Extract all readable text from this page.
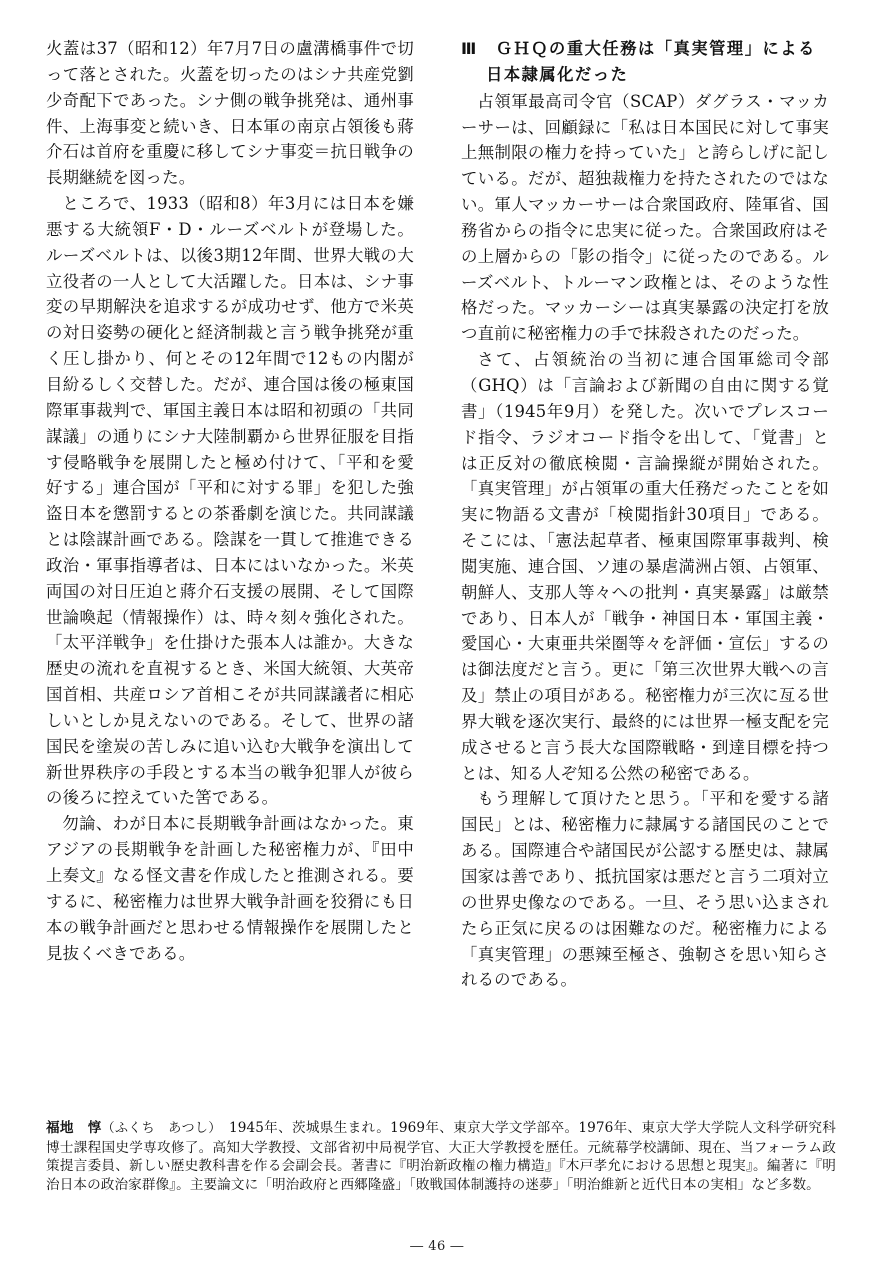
火蓋は37（昭和12）年7月7日の盧溝橋事件で切って落とされた。火蓋を切ったのはシナ共産党劉少奇配下であった。シナ側の戦争挑発は、通州事件、上海事変と続いき、日本軍の南京占領後も蔣介石は首府を重慶に移してシナ事変＝抗日戦争の長期継続を図った。

ところで、1933（昭和8）年3月には日本を嫌悪する大統領F・D・ルーズベルトが登場した。ルーズベルトは、以後3期12年間、世界大戦の大立役者の一人として大活躍した。日本は、シナ事変の早期解決を追求するが成功せず、他方で米英の対日姿勢の硬化と経済制裁と言う戦争挑発が重く圧し掛かり、何とその12年間で12もの内閣が目紛るしく交替した。だが、連合国は後の極東国際軍事裁判で、軍国主義日本は昭和初頭の「共同謀議」の通りにシナ大陸制覇から世界征服を目指す侵略戦争を展開したと極め付けて、「平和を愛好する」連合国が「平和に対する罪」を犯した強盗日本を懲罰するとの茶番劇を演じた。共同謀議とは陰謀計画である。陰謀を一貫して推進できる政治・軍事指導者は、日本にはいなかった。米英両国の対日圧迫と蔣介石支援の展開、そして国際世論喚起（情報操作）は、時々刻々強化された。「太平洋戦争」を仕掛けた張本人は誰か。大きな歴史の流れを直視するとき、米国大統領、大英帝国首相、共産ロシア首相こそが共同謀議者に相応しいとしか見えないのである。そして、世界の諸国民を塗炭の苦しみに追い込む大戦争を演出して新世界秩序の手段とする本当の戦争犯罪人が彼らの後ろに控えていた筈である。

勿論、わが日本に長期戦争計画はなかった。東アジアの長期戦争を計画した秘密権力が、『田中上奏文』なる怪文書を作成したと推測される。要するに、秘密権力は世界大戦争計画を狡猾にも日本の戦争計画だと思わせる情報操作を展開したと見抜くべきである。

Ⅲ　ＧＨＱの重大任務は「真実管理」による日本隷属化だった

占領軍最高司令官（SCAP）ダグラス・マッカーサーは、回顧録に「私は日本国民に対して事実上無制限の権力を持っていた」と誇らしげに記している。だが、超独裁権力を持たされたのではない。軍人マッカーサーは合衆国政府、陸軍省、国務省からの指令に忠実に従った。合衆国政府はその上層からの「影の指令」に従ったのである。ルーズベルト、トルーマン政権とは、そのような性格だった。マッカーシーは真実暴露の決定打を放つ直前に秘密権力の手で抹殺されたのだった。

さて、占領統治の当初に連合国軍総司令部（GHQ）は「言論および新聞の自由に関する覚書」（1945年9月）を発した。次いでプレスコード指令、ラジオコード指令を出して、「覚書」とは正反対の徹底検閲・言論操縦が開始された。「真実管理」が占領軍の重大任務だったことを如実に物語る文書が「検閲指針30項目」である。そこには、「憲法起草者、極東国際軍事裁判、検閲実施、連合国、ソ連の暴虐満洲占領、占領軍、朝鮮人、支那人等々への批判・真実暴露」は厳禁であり、日本人が「戦争・神国日本・軍国主義・愛国心・大東亜共栄圏等々を評価・宣伝」するのは御法度だと言う。更に「第三次世界大戦への言及」禁止の項目がある。秘密権力が三次に亙る世界大戦を逐次実行、最終的には世界一極支配を完成させると言う長大な国際戦略・到達目標を持つとは、知る人ぞ知る公然の秘密である。

もう理解して頂けたと思う。「平和を愛する諸国民」とは、秘密権力に隷属する諸国民のことである。国際連合や諸国民が公認する歴史は、隷属国家は善であり、抵抗国家は悪だと言う二項対立の世界史像なのである。一旦、そう思い込まされたら正気に戻るのは困難なのだ。秘密権力による「真実管理」の悪辣至極さ、強靭さを思い知らされるのである。

福地　惇（ふくち　あつし）　1945年、茨城県生まれ。1969年、東京大学文学部卒。1976年、東京大学大学院人文科学研究科博士課程国史学専攻修了。高知大学教授、文部省初中局視学官、大正大学教授を歴任。元統幕学校講師、現在、当フォーラム政策提言委員、新しい歴史教科書を作る会副会長。著書に『明治新政権の権力構造』『木戸孝允における思想と現実』。編著に『明治日本の政治家群像』。主要論文に「明治政府と西郷隆盛」「敗戦国体制護持の迷夢」「明治維新と近代日本の実相」など多数。
― 46 ―
